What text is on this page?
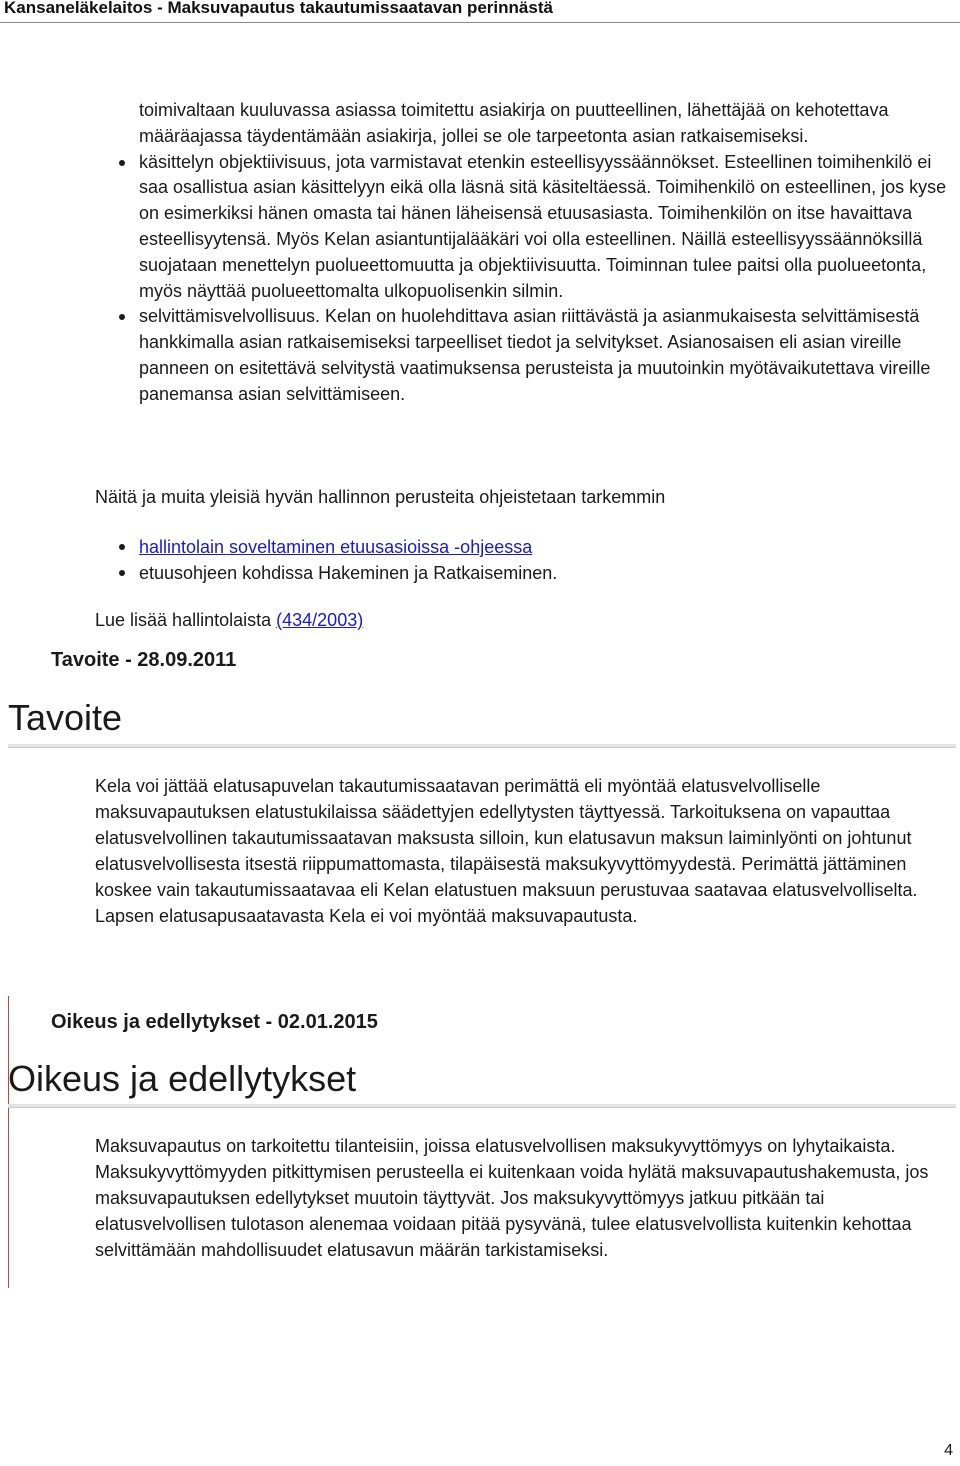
Kansaneläkelaitos - Maksuvapautus takautumissaatavan perinnästä
toimivaltaan kuuluvassa asiassa toimitettu asiakirja on puutteellinen, lähettäjää on kehotettava määräajassa täydentämään asiakirja, jollei se ole tarpeetonta asian ratkaisemiseksi.
käsittelyn objektiivisuus, jota varmistavat etenkin esteellisyyssäännökset. Esteellinen toimihenkilö ei saa osallistua asian käsittelyyn eikä olla läsnä sitä käsiteltäessä. Toimihenkilö on esteellinen, jos kyse on esimerkiksi hänen omasta tai hänen läheisensä etuusasiasta. Toimihenkilön on itse havaittava esteellisyytensä. Myös Kelan asiantuntijalääkäri voi olla esteellinen. Näillä esteellisyyssäännöksillä suojataan menettelyn puolueettomuutta ja objektiivisuutta. Toiminnan tulee paitsi olla puolueetonta, myös näyttää puolueettomalta ulkopuolisenkin silmin.
selvittämisvelvollisuus. Kelan on huolehdittava asian riittävästä ja asianmukaisesta selvittämisestä hankkimalla asian ratkaisemiseksi tarpeelliset tiedot ja selvitykset. Asianosaisen eli asian vireille panneen on esitettävä selvitystä vaatimuksensa perusteista ja muutoinkin myötävaikutettava vireille panemansa asian selvittämiseen.

Näitä ja muita yleisiä hyvän hallinnon perusteita ohjeistetaan tarkemmin

hallintolain soveltaminen etuusasioissa -ohjeessa
etuusohjeen kohdissa Hakeminen ja Ratkaiseminen.

Lue lisää hallintolaista (434/2003)

Tavoite - 28.09.2011
Tavoite

Kela voi jättää elatusapuvelan takautumissaatavan perimättä eli myöntää elatusvelvolliselle maksuvapautuksen elatustukilaissa säädettyjen edellytysten täyttyessä. Tarkoituksena on vapauttaa elatusvelvollinen takautumissaatavan maksusta silloin, kun elatusavun maksun laiminlyönti on johtunut elatusvelvollisesta itsestä riippumattomasta, tilapäisestä maksukyvyttömyydestä. Perimättä jättäminen koskee vain takautumissaatavaa eli Kelan elatustuen maksuun perustuvaa saatavaa elatusvelvolliselta. Lapsen elatusapusaatavasta Kela ei voi myöntää maksuvapautusta.

Oikeus ja edellytykset - 02.01.2015
Oikeus ja edellytykset

Maksuvapautus on tarkoitettu tilanteisiin, joissa elatusvelvollisen maksukyvyttömyys on lyhytaikaista. Maksukyvyttömyyden pitkittymisen perusteella ei kuitenkaan voida hylätä maksuvapautushakemusta, jos maksuvapautuksen edellytykset muutoin täyttyvät. Jos maksukyvyttömyys jatkuu pitkään tai elatusvelvollisen tulotason alenemaa voidaan pitää pysyvänä, tulee elatusvelvollista kuitenkin kehottaa selvittämään mahdollisuudet elatusavun määrän tarkistamiseksi.

4
